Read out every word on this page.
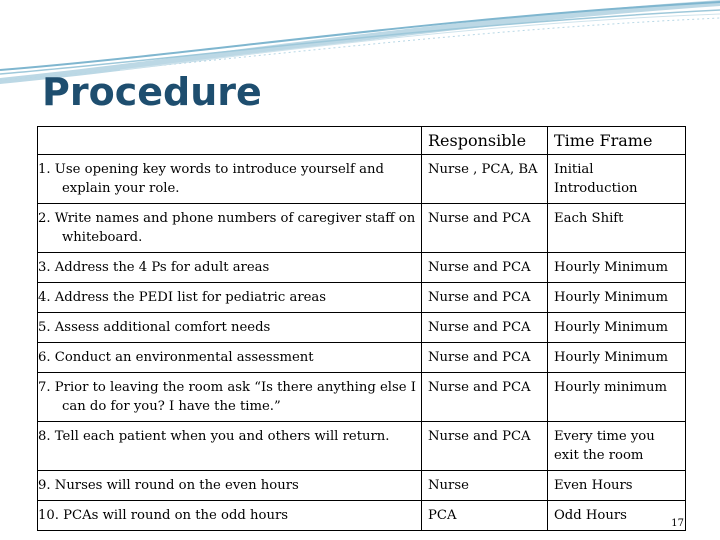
Procedure
	Responsible	Time Frame
1. Use opening key words to introduce yourself and explain your role.	Nurse , PCA, BA	Initial Introduction
2. Write names and phone numbers of caregiver staff on whiteboard.	Nurse and PCA	Each Shift
3. Address the 4 Ps for adult areas	Nurse and PCA	Hourly Minimum
4. Address the PEDI list for pediatric areas	Nurse and PCA	Hourly Minimum
5. Assess additional comfort needs	Nurse and PCA	Hourly Minimum
6. Conduct an environmental assessment	Nurse and PCA	Hourly Minimum
7. Prior to leaving the room ask “Is there anything else I can do for you? I have the time.”	Nurse and PCA	Hourly minimum
8. Tell each patient when you and others will return.	Nurse and PCA	Every time you exit the room
9. Nurses will round on the even hours	Nurse	Even Hours
10. PCAs will round on the odd hours	PCA	Odd Hours
17
